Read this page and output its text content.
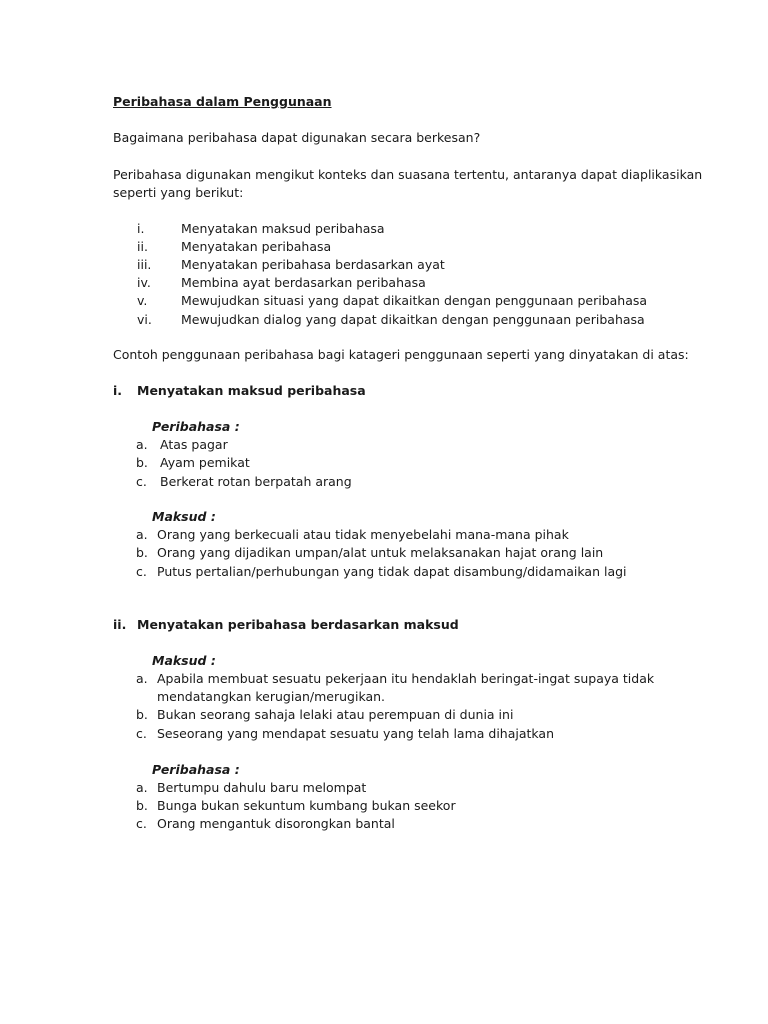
Peribahasa dalam Penggunaan
Bagaimana peribahasa dapat digunakan secara berkesan?
Peribahasa digunakan mengikut konteks dan suasana tertentu, antaranya dapat diaplikasikan
seperti yang berikut:
i.	Menyatakan maksud peribahasa
ii.	Menyatakan peribahasa
iii. Menyatakan peribahasa berdasarkan ayat
iv. Membina ayat berdasarkan peribahasa
v.	Mewujudkan situasi yang dapat dikaitkan dengan penggunaan peribahasa
vi. Mewujudkan dialog yang dapat dikaitkan dengan penggunaan peribahasa
Contoh penggunaan peribahasa bagi katageri penggunaan seperti yang dinyatakan di atas:
i. Menyatakan maksud peribahasa
Peribahasa :
a. Atas pagar
b. Ayam pemikat
c. Berkerat rotan berpatah arang
Maksud :
a. Orang yang berkecuali atau tidak menyebelahi mana-mana pihak
b. Orang yang dijadikan umpan/alat untuk melaksanakan hajat orang lain
c. Putus pertalian/perhubungan yang tidak dapat disambung/didamaikan lagi
ii. Menyatakan peribahasa berdasarkan maksud
Maksud :
a. Apabila membuat sesuatu pekerjaan itu hendaklah beringat-ingat supaya tidak
mendatangkan kerugian/merugikan.
b. Bukan seorang sahaja lelaki atau perempuan di dunia ini
c. Seseorang yang mendapat sesuatu yang telah lama dihajatkan
Peribahasa :
a. Bertumpu dahulu baru melompat
b. Bunga bukan sekuntum kumbang bukan seekor
c. Orang mengantuk disorongkan bantal
